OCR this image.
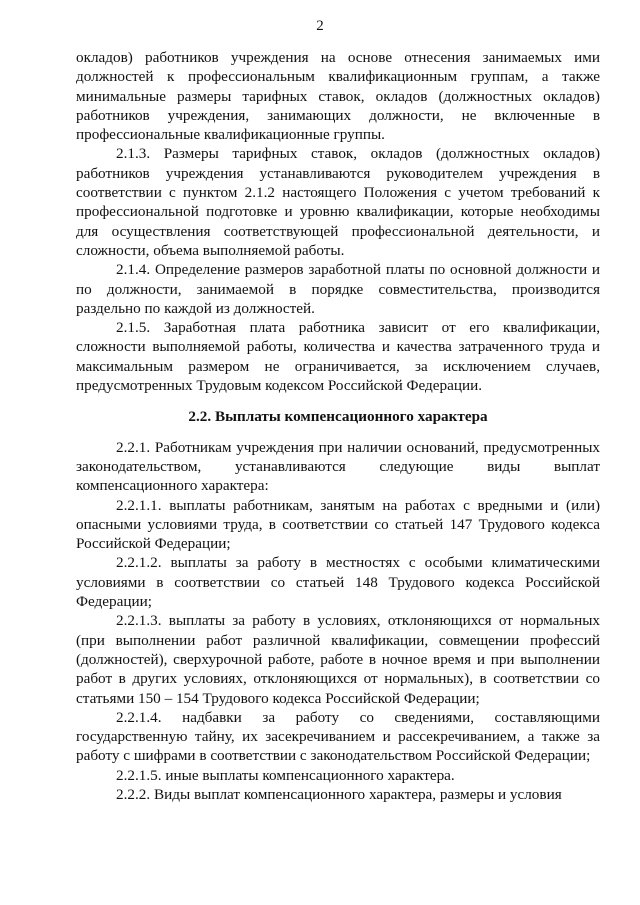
2

окладов) работников учреждения на основе отнесения занимаемых ими должностей к профессиональным квалификационным группам, а также минимальные размеры тарифных ставок, окладов (должностных окладов) работников учреждения, занимающих должности, не включенные в профессиональные квалификационные группы.

2.1.3. Размеры тарифных ставок, окладов (должностных окладов) работников учреждения устанавливаются руководителем учреждения в соответствии с пунктом 2.1.2 настоящего Положения с учетом требований к профессиональной подготовке и уровню квалификации, которые необходимы для осуществления соответствующей профессиональной деятельности, и сложности, объема выполняемой работы.

2.1.4. Определение размеров заработной платы по основной должности и по должности, занимаемой в порядке совместительства, производится раздельно по каждой из должностей.

2.1.5. Заработная плата работника зависит от его квалификации, сложности выполняемой работы, количества и качества затраченного труда и максимальным размером не ограничивается, за исключением случаев, предусмотренных Трудовым кодексом Российской Федерации.

2.2. Выплаты компенсационного характера

2.2.1. Работникам учреждения при наличии оснований, предусмотренных законодательством, устанавливаются следующие виды выплат компенсационного характера:

2.2.1.1. выплаты работникам, занятым на работах с вредными и (или) опасными условиями труда, в соответствии со статьей 147 Трудового кодекса Российской Федерации;

2.2.1.2. выплаты за работу в местностях с особыми климатическими условиями в соответствии со статьей 148 Трудового кодекса Российской Федерации;

2.2.1.3. выплаты за работу в условиях, отклоняющихся от нормальных (при выполнении работ различной квалификации, совмещении профессий (должностей), сверхурочной работе, работе в ночное время и при выполнении работ в других условиях, отклоняющихся от нормальных), в соответствии со статьями 150 – 154 Трудового кодекса Российской Федерации;

2.2.1.4. надбавки за работу со сведениями, составляющими государственную тайну, их засекречиванием и рассекречиванием, а также за работу с шифрами в соответствии с законодательством Российской Федерации;

2.2.1.5. иные выплаты компенсационного характера.

2.2.2. Виды выплат компенсационного характера, размеры и условия
